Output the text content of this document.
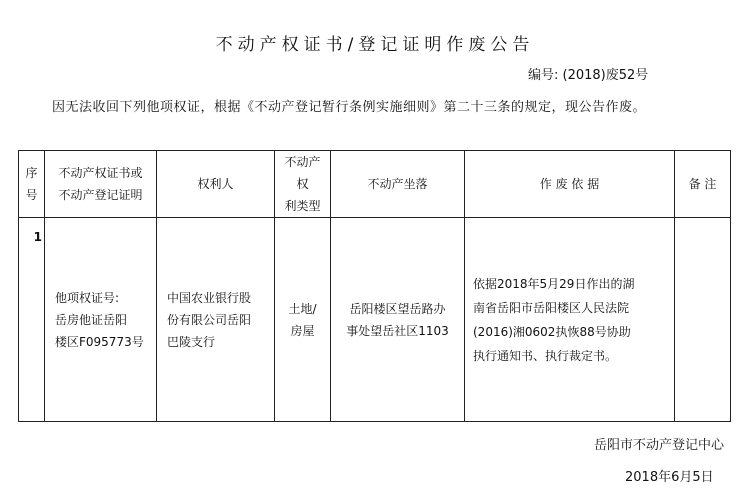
不动产权证书/登记证明作废公告
编号: (2018)废52号
因无法收回下列他项权证，根据《不动产登记暂行条例实施细则》第二十三条的规定，现公告作废。
序
号	不动产权证书或
不动产登记证明	权利人	不动产权
利类型	不动产坐落	作 废 依 据	备 注
1	他项权证号:
岳房他证岳阳
楼区F095773号	中国农业银行股
份有限公司岳阳
巴陵支行	土地/
房屋	岳阳楼区望岳路办
事处望岳社区1103	依据2018年5月29日作出的湖
南省岳阳市岳阳楼区人民法院
(2016)湘0602执恢88号协助
执行通知书、执行裁定书。	

岳阳市不动产登记中心
2018年6月5日
